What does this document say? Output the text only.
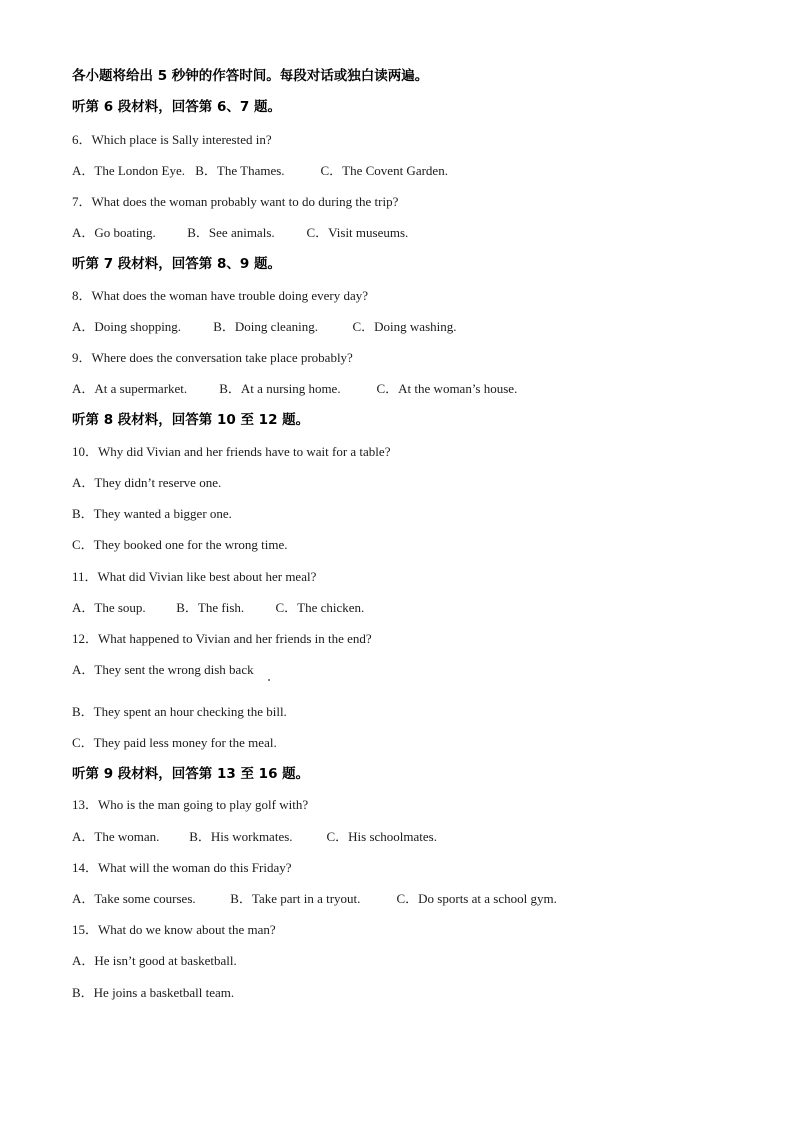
各小题将给出 5 秒钟的作答时间。每段对话或独白读两遍。
听第 6 段材料，回答第 6、7 题。
6．Which place is Sally interested in?
A．The London Eye. B．The Thames.	C．The Covent Garden.
7．What does the woman probably want to do during the trip?
A．Go boating. B．See animals. C．Visit museums.
听第 7 段材料，回答第 8、9 题。
8．What does the woman have trouble doing every day?
A．Doing shopping. B．Doing cleaning.	C．Doing washing.
9．Where does the conversation take place probably?
A．At a supermarket. B．At a nursing home.	C．At the woman’s house.
听第 8 段材料，回答第 10 至 12 题。
10．Why did Vivian and her friends have to wait for a table?
A．They didn’t reserve one.
B．They wanted a bigger one.
C．They booked one for the wrong time.
11．What did Vivian like best about her meal?
A．The soup. B．The fish. C．The chicken.
12．What happened to Vivian and her friends in the end?
A．They sent the wrong dish back
B．They spent an hour checking the bill.
C．They paid less money for the meal.
听第 9 段材料，回答第 13 至 16 题。
13．Who is the man going to play golf with?
A．The woman. B．His workmates.	C．His schoolmates.
14．What will the woman do this Friday?
A．Take some courses.	B．Take part in a tryout.	C．Do sports at a school gym.
15．What do we know about the man?
A．He isn’t good at basketball.
B．He joins a basketball team.
